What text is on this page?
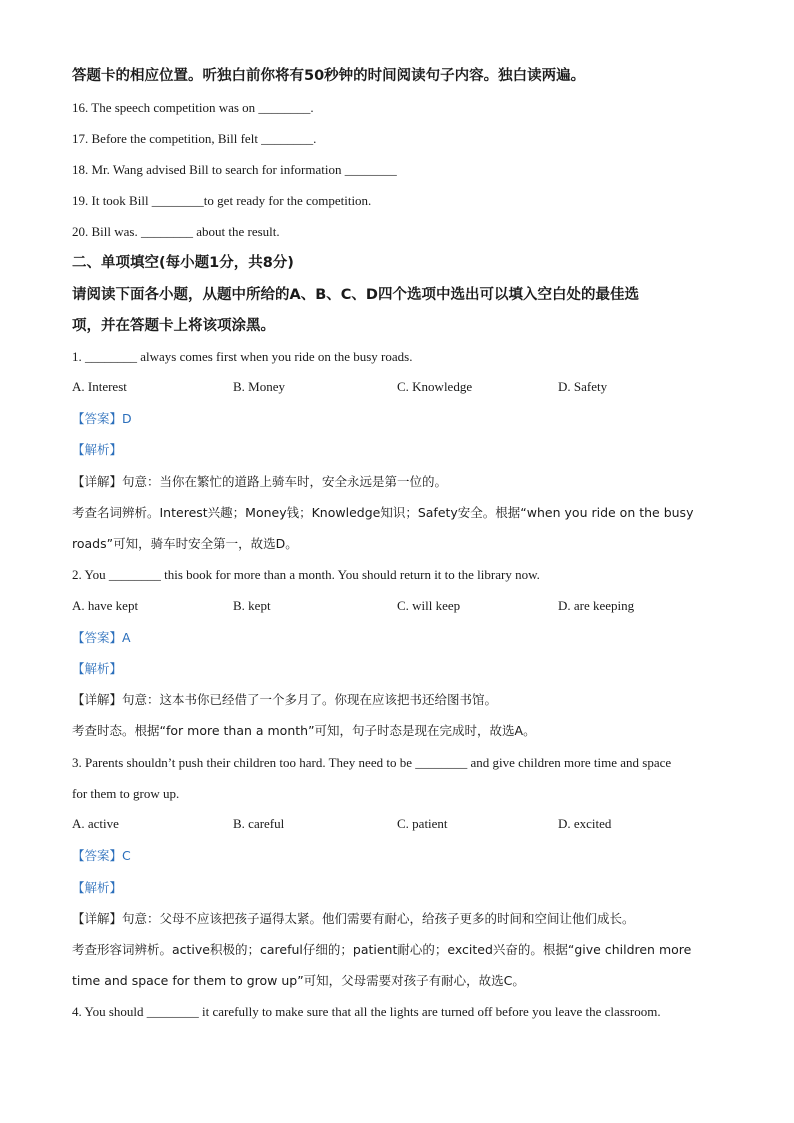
答题卡的相应位置。听独白前你将有50秒钟的时间阅读句子内容。独白读两遍。
16. The speech competition was on ________.
17. Before the competition, Bill felt ________.
18. Mr. Wang advised Bill to search for information ________
19. It took Bill ________to get ready for the competition.
20. Bill was. ________ about the result.
二、单项填空(每小题1分，共8分)
请阅读下面各小题，从题中所给的A、B、C、D四个选项中选出可以填入空白处的最佳选
项，并在答题卡上将该项涂黑。
1. ________ always comes first when you ride on the busy roads.
A. Interest	B. Money	C. Knowledge	D. Safety
【答案】D
【解析】
【详解】句意：当你在繁忙的道路上骑车时，安全永远是第一位的。
考查名词辨析。Interest兴趣；Money钱；Knowledge知识；Safety安全。根据“when you ride on the busy
roads”可知，骑车时安全第一，故选D。
2. You ________ this book for more than a month. You should return it to the library now.
A. have kept	B. kept	C. will keep	D. are keeping
【答案】A
【解析】
【详解】句意：这本书你已经借了一个多月了。你现在应该把书还给图书馆。
考查时态。根据“for more than a month”可知，句子时态是现在完成时，故选A。
3. Parents shouldn’t push their children too hard. They need to be ________ and give children more time and space
for them to grow up.
A. active	B. careful	C. patient	D. excited
【答案】C
【解析】
【详解】句意：父母不应该把孩子逼得太紧。他们需要有耐心，给孩子更多的时间和空间让他们成长。
考查形容词辨析。active积极的；careful仔细的；patient耐心的；excited兴奋的。根据“give children more
time and space for them to grow up”可知，父母需要对孩子有耐心，故选C。
4. You should ________ it carefully to make sure that all the lights are turned off before you leave the classroom.
